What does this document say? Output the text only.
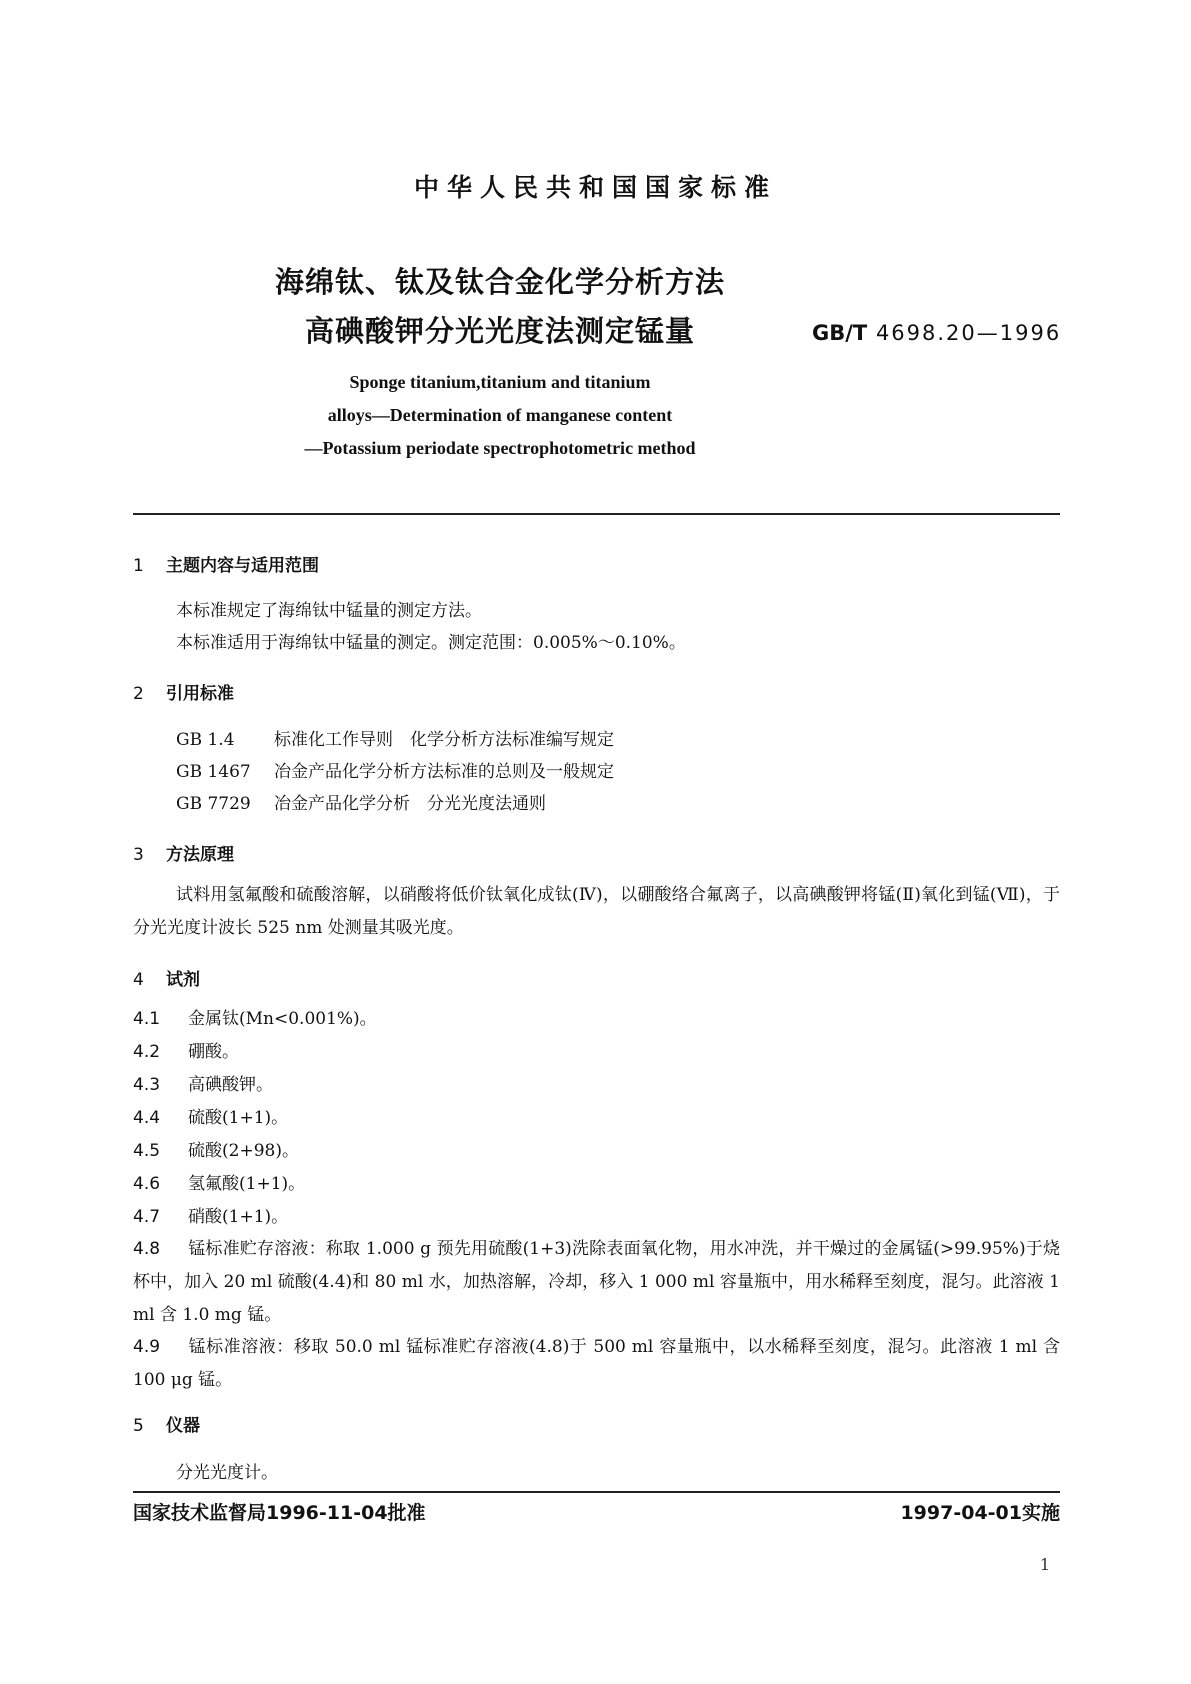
中华人民共和国国家标准
海绵钛、钛及钛合金化学分析方法
高碘酸钾分光光度法测定锰量	GB/T 4698.20—1996
Sponge titanium,titanium and titanium
alloys—Determination of manganese content
—Potassium periodate spectrophotometric method
1 主题内容与适用范围
本标准规定了海绵钛中锰量的测定方法。
本标准适用于海绵钛中锰量的测定。测定范围：0.005%～0.10%。
2 引用标准
GB 1.4 标准化工作导则　化学分析方法标准编写规定
GB 1467 冶金产品化学分析方法标准的总则及一般规定
GB 7729 冶金产品化学分析　分光光度法通则
3 方法原理
试料用氢氟酸和硫酸溶解，以硝酸将低价钛氧化成钛(Ⅳ)，以硼酸络合氟离子，以高碘酸钾将锰(Ⅱ)氧化到锰(Ⅶ)，于分光光度计波长 525 nm 处测量其吸光度。
4 试剂
4.1 金属钛(Mn<0.001%)。
4.2 硼酸。
4.3 高碘酸钾。
4.4 硫酸(1+1)。
4.5 硫酸(2+98)。
4.6 氢氟酸(1+1)。
4.7 硝酸(1+1)。
4.8 锰标准贮存溶液：称取 1.000 g 预先用硫酸(1+3)洗除表面氧化物，用水冲洗，并干燥过的金属锰(>99.95%)于烧杯中，加入 20 ml 硫酸(4.4)和 80 ml 水，加热溶解，冷却，移入 1 000 ml 容量瓶中，用水稀释至刻度，混匀。此溶液 1 ml 含 1.0 mg 锰。
4.9 锰标准溶液：移取 50.0 ml 锰标准贮存溶液(4.8)于 500 ml 容量瓶中，以水稀释至刻度，混匀。此溶液 1 ml 含 100 μg 锰。
5 仪器
分光光度计。
国家技术监督局1996-11-04批准	1997-04-01实施
1
